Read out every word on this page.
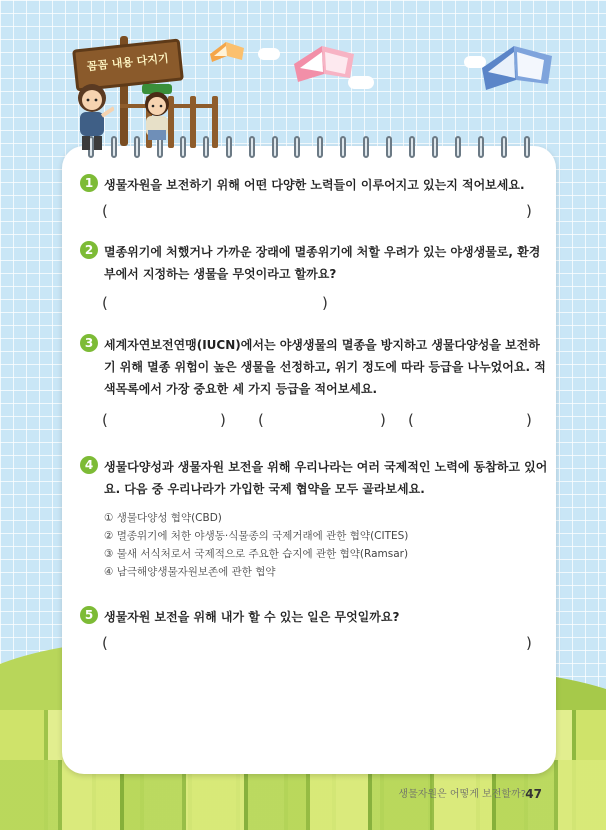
꼼꼼 내용 다지기
1 생물자원을 보전하기 위해 어떤 다양한 노력들이 이루어지고 있는지 적어보세요.
(	)
2 멸종위기에 처했거나 가까운 장래에 멸종위기에 처할 우려가 있는 야생생물로, 환경부에서 지정하는 생물을 무엇이라고 할까요?
(	)
3 세계자연보전연맹(IUCN)에서는 야생생물의 멸종을 방지하고 생물다양성을 보전하기 위해 멸종 위험이 높은 생물을 선정하고, 위기 정도에 따라 등급을 나누었어요. 적색목록에서 가장 중요한 세 가지 등급을 적어보세요.
(	) (	) (	)
4 생물다양성과 생물자원 보전을 위해 우리나라는 여러 국제적인 노력에 동참하고 있어요. 다음 중 우리나라가 가입한 국제 협약을 모두 골라보세요.
① 생물다양성 협약(CBD)
② 멸종위기에 처한 야생동·식물종의 국제거래에 관한 협약(CITES)
③ 물새 서식처로서 국제적으로 주요한 습지에 관한 협약(Ramsar)
④ 남극해양생물자원보존에 관한 협약
5 생물자원 보전을 위해 내가 할 수 있는 일은 무엇일까요?
(	)
생물자원은 어떻게 보전할까? 47
